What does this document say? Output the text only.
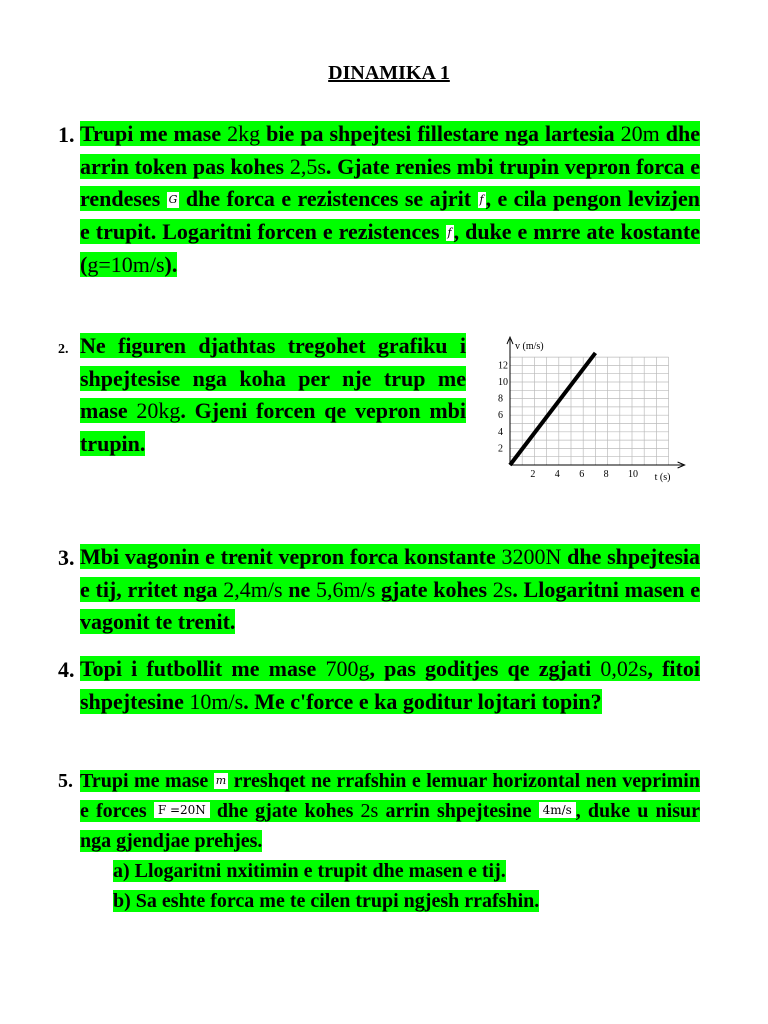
DINAMIKA 1
1. Trupi me mase 2kg bie pa shpejtesi fillestare nga lartesia 20m dhe arrin token pas kohes 2,5s. Gjate renies mbi trupin vepron forca e rendeses G dhe forca e rezistences se ajrit f, e cila pengon levizjen e trupit. Logaritni forcen e rezistences f, duke e mrre ate kostante (g=10m/s).
2. Ne figuren djathtas tregohet grafiku i shpejtesise nga koha per nje trup me mase 20kg. Gjeni forcen qe vepron mbi trupin.
2 4 6 8 10
2
4
6
8
10
12
v (m/s)
t (s)
3. Mbi vagonin e trenit vepron forca konstante 3200N dhe shpejtesia e tij, rritet nga 2,4m/s ne 5,6m/s gjate kohes 2s. Llogaritni masen e vagonit te trenit.
4. Topi i futbollit me mase 700g, pas goditjes qe zgjati 0,02s, fitoi shpejtesine 10m/s. Me c'force e ka goditur lojtari topin?
5. Trupi me mase m rreshqet ne rrafshin e lemuar horizontal nen veprimin e forces F =20N dhe gjate kohes 2s arrin shpejtesine 4m/s , duke u nisur nga gjendjae prehjes.
a) Llogaritni nxitimin e trupit dhe masen e tij.
b) Sa eshte forca me te cilen trupi ngjesh rrafshin.
